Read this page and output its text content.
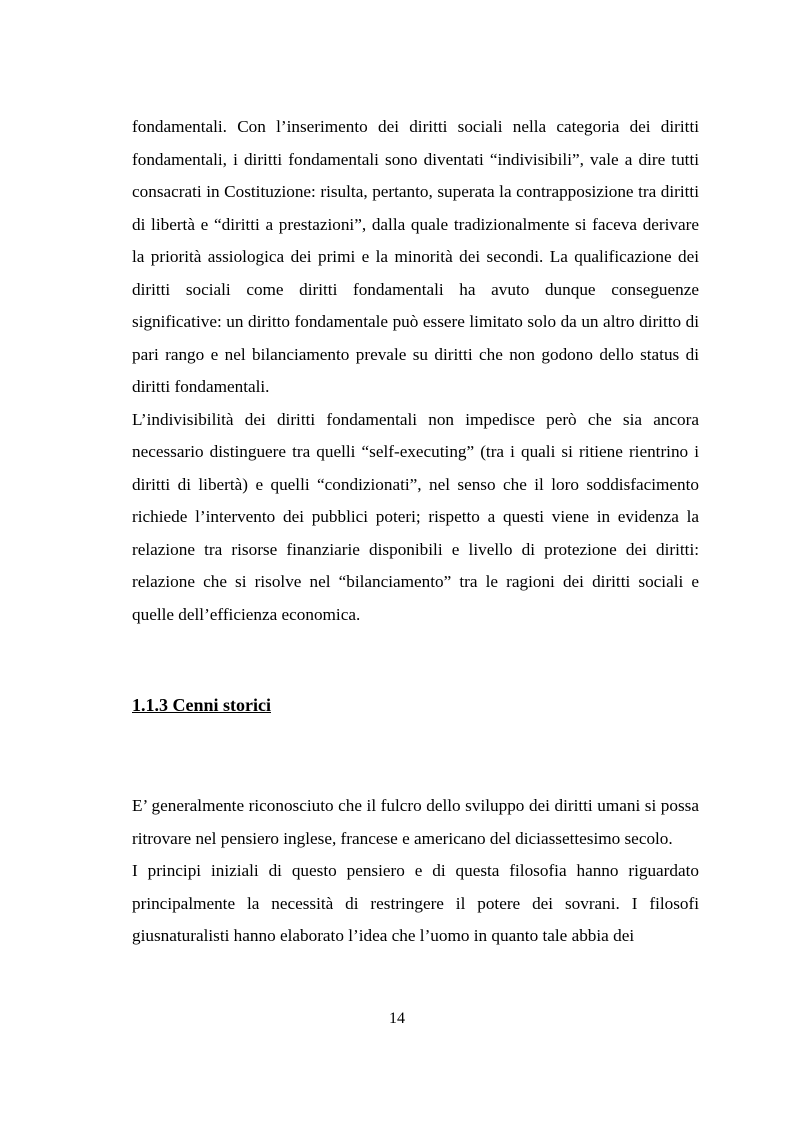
fondamentali. Con l’inserimento dei diritti sociali nella categoria dei diritti fondamentali, i diritti fondamentali sono diventati “indivisibili”, vale a dire tutti consacrati in Costituzione: risulta, pertanto, superata la contrapposizione tra diritti di libertà e “diritti a prestazioni”, dalla quale tradizionalmente si faceva derivare la priorità assiologica dei primi e la minorità dei secondi. La qualificazione dei diritti sociali come diritti fondamentali ha avuto dunque conseguenze significative: un diritto fondamentale può essere limitato solo da un altro diritto di pari rango e nel bilanciamento prevale su diritti che non godono dello status di diritti fondamentali.

L’indivisibilità dei diritti fondamentali non impedisce però che sia ancora necessario distinguere tra quelli “self-executing” (tra i quali si ritiene rientrino i diritti di libertà) e quelli “condizionati”, nel senso che il loro soddisfacimento richiede l’intervento dei pubblici poteri; rispetto a questi viene in evidenza la relazione tra risorse finanziarie disponibili e livello di protezione dei diritti: relazione che si risolve nel “bilanciamento” tra le ragioni dei diritti sociali e quelle dell’efficienza economica.

1.1.3 Cenni storici

E’ generalmente riconosciuto che il fulcro dello sviluppo dei diritti umani si possa ritrovare nel pensiero inglese, francese e americano del diciassettesimo secolo.

I principi iniziali di questo pensiero e di questa filosofia hanno riguardato principalmente la necessità di restringere il potere dei sovrani. I filosofi giusnaturalisti hanno elaborato l’idea che l’uomo in quanto tale abbia dei

14
